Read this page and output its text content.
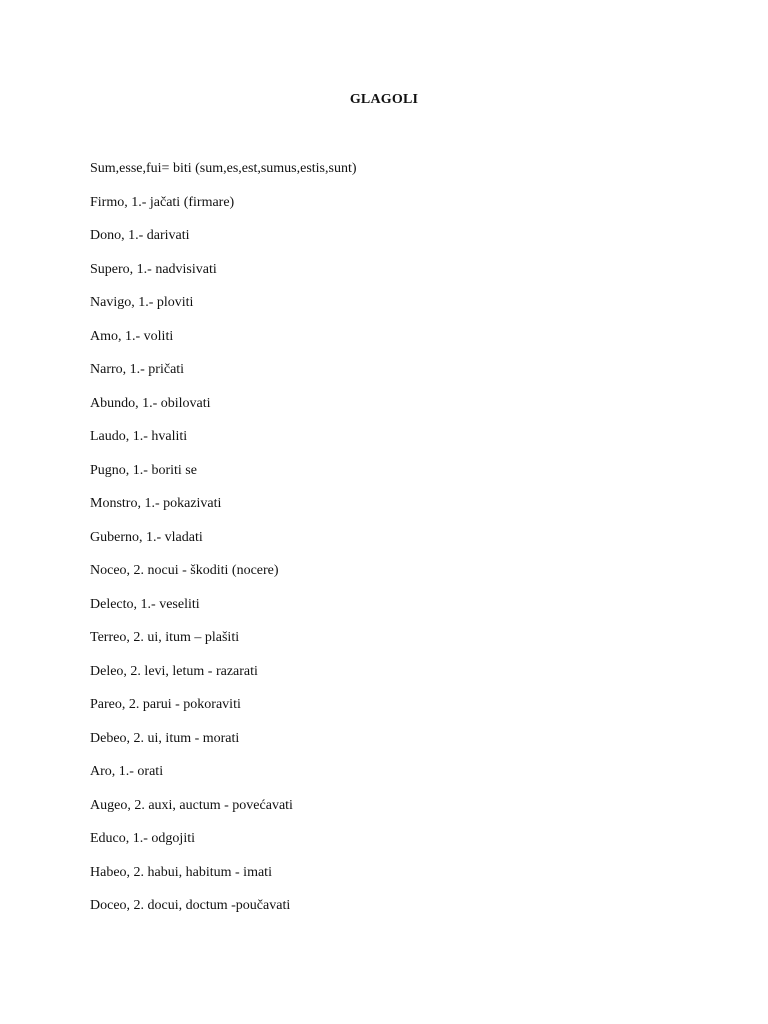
GLAGOLI
Sum,esse,fui= biti (sum,es,est,sumus,estis,sunt)
Firmo, 1.- jačati (firmare)
Dono, 1.- darivati
Supero, 1.- nadvisivati
Navigo, 1.- ploviti
Amo, 1.- voliti
Narro, 1.- pričati
Abundo, 1.- obilovati
Laudo, 1.- hvaliti
Pugno, 1.- boriti se
Monstro, 1.- pokazivati
Guberno, 1.- vladati
Noceo, 2. nocui - škoditi (nocere)
Delecto, 1.- veseliti
Terreo, 2. ui, itum – plašiti
Deleo, 2. levi, letum - razarati
Pareo, 2. parui - pokoraviti
Debeo, 2. ui, itum - morati
Aro, 1.- orati
Augeo, 2. auxi, auctum - povećavati
Educo, 1.- odgojiti
Habeo, 2. habui, habitum - imati
Doceo, 2. docui, doctum -poučavati
